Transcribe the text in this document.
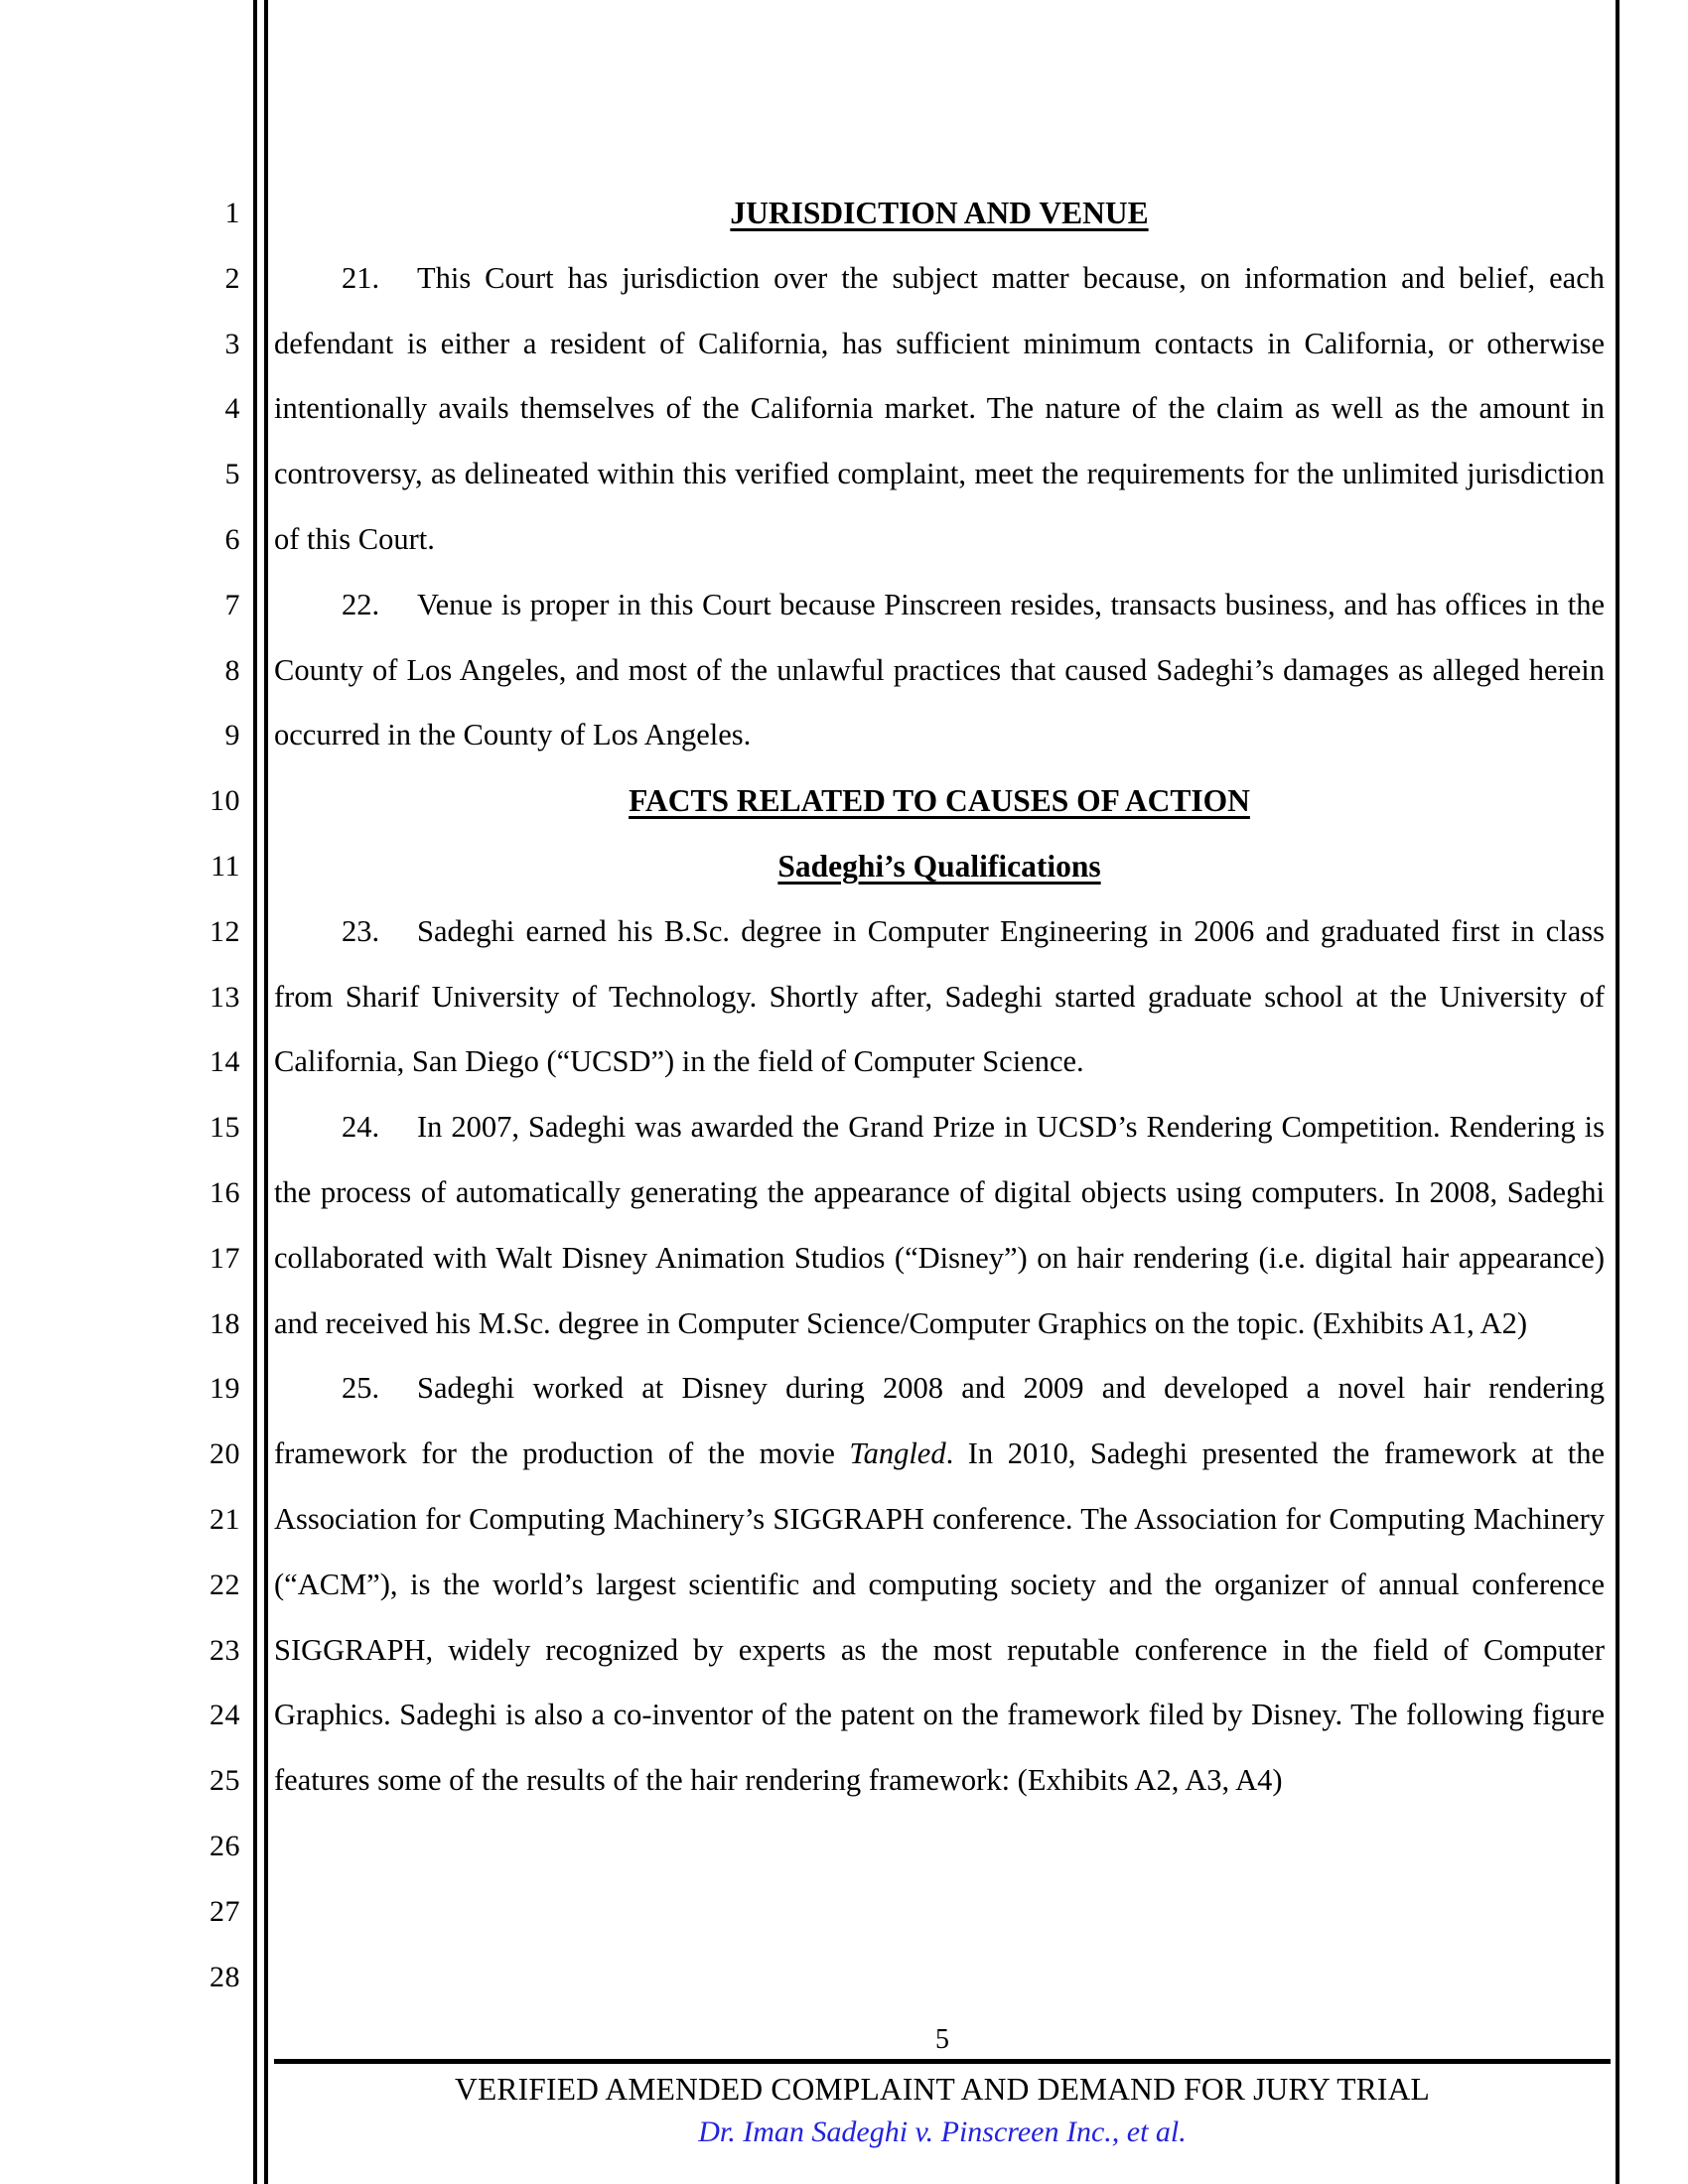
1
2
3
4
5
6
7
8
9
10
11
12
13
14
15
16
17
18
19
20
21
22
23
24
25
26
27
28
JURISDICTION AND VENUE

21. This Court has jurisdiction over the subject matter because, on information and belief, each defendant is either a resident of California, has sufficient minimum contacts in California, or otherwise intentionally avails themselves of the California market. The nature of the claim as well as the amount in controversy, as delineated within this verified complaint, meet the requirements for the unlimited jurisdiction of this Court.

22. Venue is proper in this Court because Pinscreen resides, transacts business, and has offices in the County of Los Angeles, and most of the unlawful practices that caused Sadeghi’s damages as alleged herein occurred in the County of Los Angeles.

FACTS RELATED TO CAUSES OF ACTION
Sadeghi’s Qualifications

23. Sadeghi earned his B.Sc. degree in Computer Engineering in 2006 and graduated first in class from Sharif University of Technology. Shortly after, Sadeghi started graduate school at the University of California, San Diego (“UCSD”) in the field of Computer Science.

24. In 2007, Sadeghi was awarded the Grand Prize in UCSD’s Rendering Competition. Rendering is the process of automatically generating the appearance of digital objects using computers. In 2008, Sadeghi collaborated with Walt Disney Animation Studios (“Disney”) on hair rendering (i.e. digital hair appearance) and received his M.Sc. degree in Computer Science/Computer Graphics on the topic. (Exhibits A1, A2)

25. Sadeghi worked at Disney during 2008 and 2009 and developed a novel hair rendering framework for the production of the movie Tangled. In 2010, Sadeghi presented the framework at the Association for Computing Machinery’s SIGGRAPH conference. The Association for Computing Machinery (“ACM”), is the world’s largest scientific and computing society and the organizer of annual conference SIGGRAPH, widely recognized by experts as the most reputable conference in the field of Computer Graphics. Sadeghi is also a co-inventor of the patent on the framework filed by Disney. The following figure features some of the results of the hair rendering framework: (Exhibits A2, A3, A4)

5
VERIFIED AMENDED COMPLAINT AND DEMAND FOR JURY TRIAL
Dr. Iman Sadeghi v. Pinscreen Inc., et al.
